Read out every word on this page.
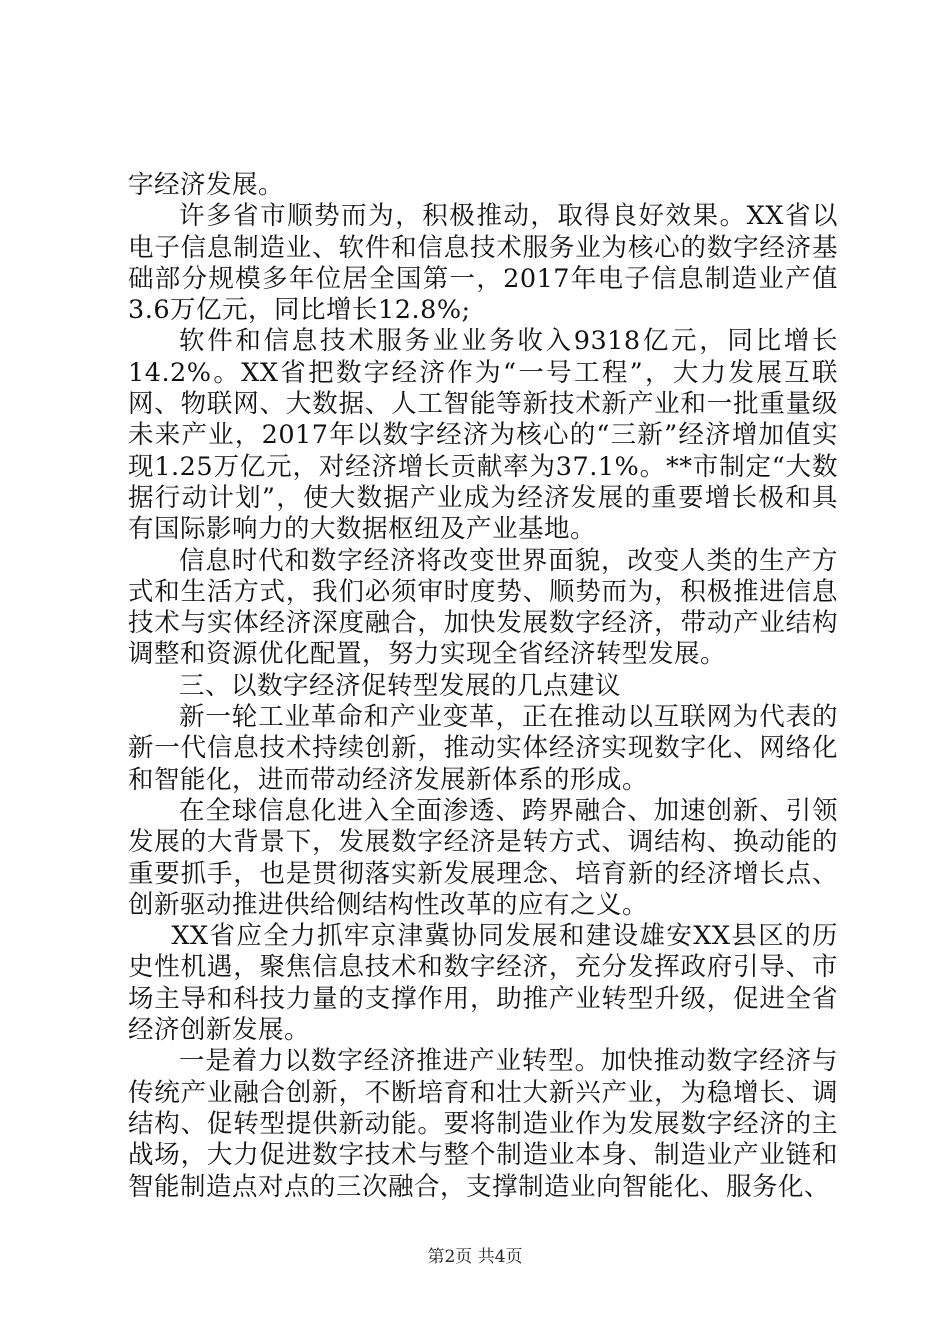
字经济发展。

许多省市顺势而为，积极推动，取得良好效果。XX省以电子信息制造业、软件和信息技术服务业为核心的数字经济基础部分规模多年位居全国第一，2017年电子信息制造业产值3.6万亿元，同比增长12.8%;

软件和信息技术服务业业务收入9318亿元，同比增长14.2%。XX省把数字经济作为“一号工程”，大力发展互联网、物联网、大数据、人工智能等新技术新产业和一批重量级未来产业，2017年以数字经济为核心的“三新”经济增加值实现1.25万亿元，对经济增长贡献率为37.1%。**市制定“大数据行动计划”，使大数据产业成为经济发展的重要增长极和具有国际影响力的大数据枢纽及产业基地。

信息时代和数字经济将改变世界面貌，改变人类的生产方式和生活方式，我们必须审时度势、顺势而为，积极推进信息技术与实体经济深度融合，加快发展数字经济，带动产业结构调整和资源优化配置，努力实现全省经济转型发展。

三、以数字经济促转型发展的几点建议

新一轮工业革命和产业变革，正在推动以互联网为代表的新一代信息技术持续创新，推动实体经济实现数字化、网络化和智能化，进而带动经济发展新体系的形成。

在全球信息化进入全面渗透、跨界融合、加速创新、引领发展的大背景下，发展数字经济是转方式、调结构、换动能的重要抓手，也是贯彻落实新发展理念、培育新的经济增长点、创新驱动推进供给侧结构性改革的应有之义。

XX省应全力抓牢京津冀协同发展和建设雄安XX县区的历史性机遇，聚焦信息技术和数字经济，充分发挥政府引导、市场主导和科技力量的支撑作用，助推产业转型升级，促进全省经济创新发展。

一是着力以数字经济推进产业转型。加快推动数字经济与传统产业融合创新，不断培育和壮大新兴产业，为稳增长、调结构、促转型提供新动能。要将制造业作为发展数字经济的主战场，大力促进数字技术与整个制造业本身、制造业产业链和智能制造点对点的三次融合，支撑制造业向智能化、服务化、

第2页 共4页
